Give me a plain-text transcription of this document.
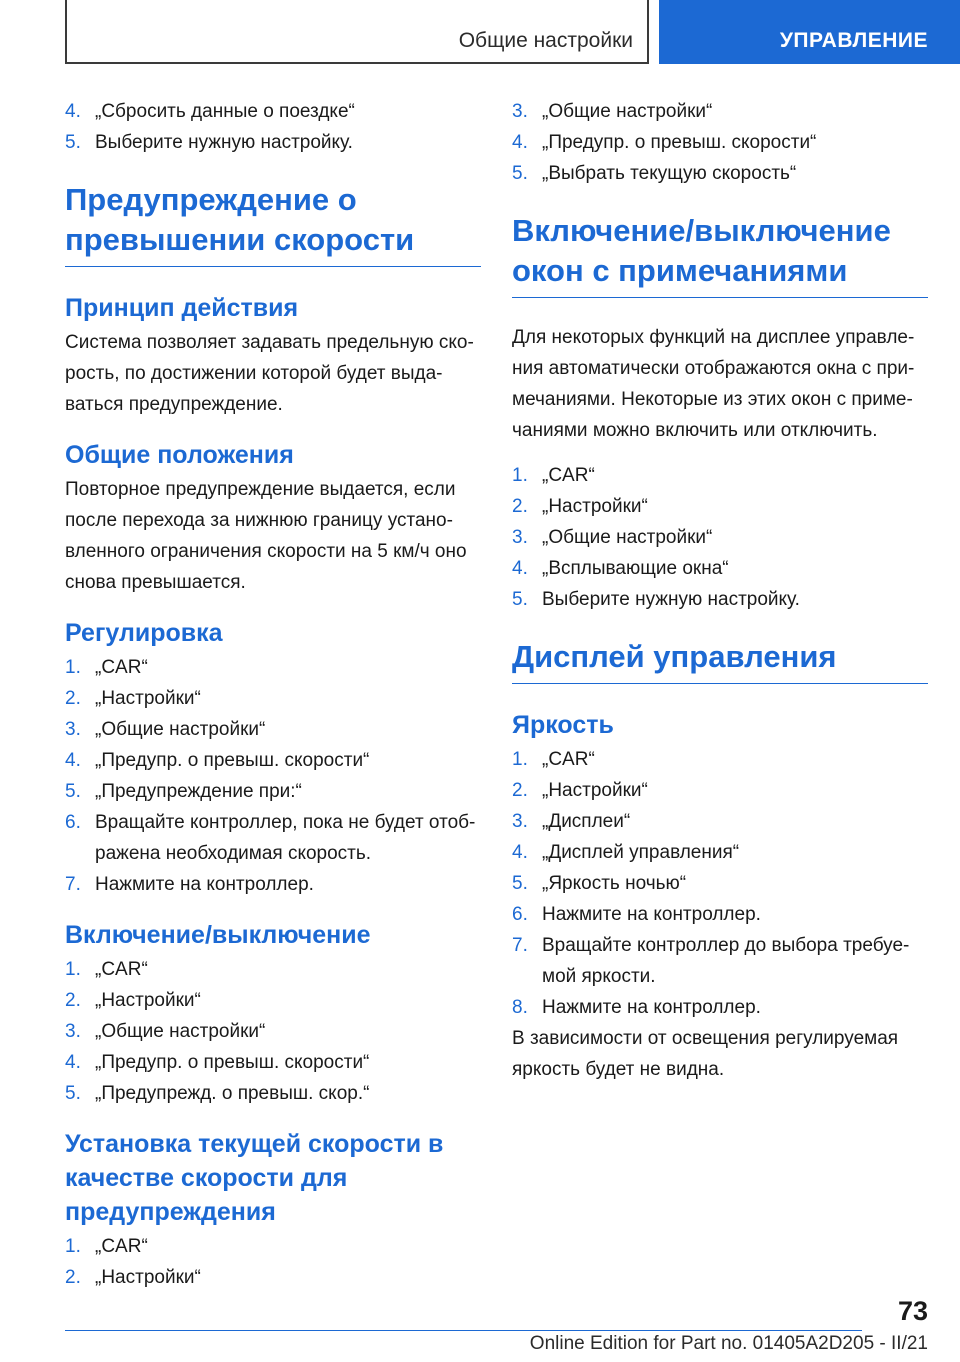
Общие настройки	УПРАВЛЕНИЕ
4. „Сбросить данные о поездке“
5. Выберите нужную настройку.
Предупреждение о превышении скорости
Принцип действия

Система позволяет задавать предельную ско-рость, по достижении которой будет выда-ваться предупреждение.

Общие положения

Повторное предупреждение выдается, если после перехода за нижнюю границу устано-вленного ограничения скорости на 5 км/ч оно снова превышается.

Регулировка
1. „CAR“
2. „Настройки“
3. „Общие настройки“
4. „Предупр. о превыш. скорости“
5. „Предупреждение при:“
6. Вращайте контроллер, пока не будет отоб-ражена необходимая скорость.
7. Нажмите на контроллер.
Включение/выключение
1. „CAR“
2. „Настройки“
3. „Общие настройки“
4. „Предупр. о превыш. скорости“
5. „Предупрежд. о превыш. скор.“
Установка текущей скорости в качестве скорости для предупреждения
1. „CAR“
2. „Настройки“
3. „Общие настройки“
4. „Предупр. о превыш. скорости“
5. „Выбрать текущую скорость“
Включение/выключение окон с примечаниями

Для некоторых функций на дисплее управле-ния автоматически отображаются окна с при-мечаниями. Некоторые из этих окон с приме-чаниями можно включить или отключить.

1. „CAR“
2. „Настройки“
3. „Общие настройки“
4. „Всплывающие окна“
5. Выберите нужную настройку.
Дисплей управления
Яркость
1. „CAR“
2. „Настройки“
3. „Дисплеи“
4. „Дисплей управления“
5. „Яркость ночью“
6. Нажмите на контроллер.
7. Вращайте контроллер до выбора требуе-мой яркости.
8. Нажмите на контроллер.

В зависимости от освещения регулируемая яркость будет не видна.

73
Online Edition for Part no. 01405A2D205 - II/21
